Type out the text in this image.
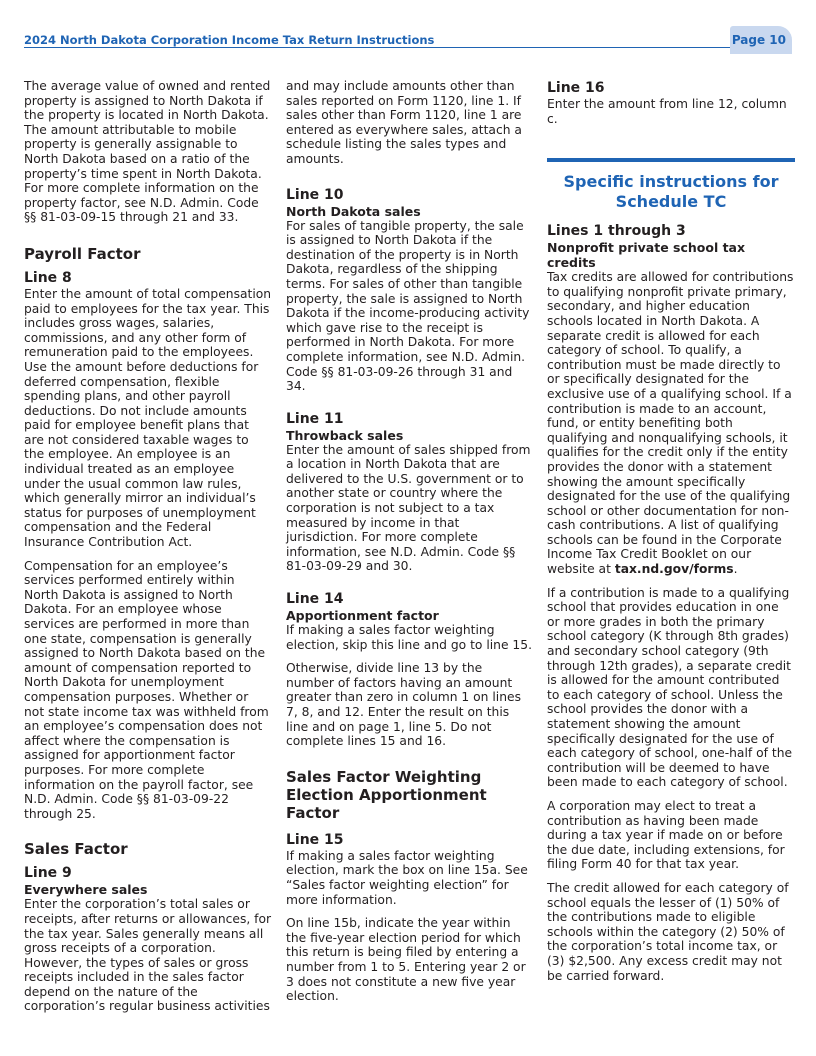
2024 North Dakota Corporation Income Tax Return Instructions	Page 10

The average value of owned and rented property is assigned to North Dakota if the property is located in North Dakota. The amount attributable to mobile property is generally assignable to North Dakota based on a ratio of the property’s time spent in North Dakota. For more complete information on the property factor, see N.D. Admin. Code §§ 81-03-09-15 through 21 and 33.

Payroll Factor
Line 8

Enter the amount of total compensation paid to employees for the tax year. This includes gross wages, salaries, commissions, and any other form of remuneration paid to the employees. Use the amount before deductions for deferred compensation, flexible spending plans, and other payroll deductions. Do not include amounts paid for employee benefit plans that are not considered taxable wages to the employee. An employee is an individual treated as an employee under the usual common law rules, which generally mirror an individual’s status for purposes of unemployment compensation and the Federal Insurance Contribution Act.

Compensation for an employee’s services performed entirely within North Dakota is assigned to North Dakota. For an employee whose services are performed in more than one state, compensation is generally assigned to North Dakota based on the amount of compensation reported to North Dakota for unemployment compensation purposes. Whether or not state income tax was withheld from an employee’s compensation does not affect where the compensation is assigned for apportionment factor purposes. For more complete information on the payroll factor, see N.D. Admin. Code §§ 81-03-09-22 through 25.

Sales Factor
Line 9
Everywhere sales

Enter the corporation’s total sales or receipts, after returns or allowances, for the tax year. Sales generally means all gross receipts of a corporation. However, the types of sales or gross receipts included in the sales factor depend on the nature of the corporation’s regular business activities

and may include amounts other than sales reported on Form 1120, line 1. If sales other than Form 1120, line 1 are entered as everywhere sales, attach a schedule listing the sales types and amounts.

Line 10
North Dakota sales

For sales of tangible property, the sale is assigned to North Dakota if the destination of the property is in North Dakota, regardless of the shipping terms. For sales of other than tangible property, the sale is assigned to North Dakota if the income-producing activity which gave rise to the receipt is performed in North Dakota. For more complete information, see N.D. Admin. Code §§ 81-03-09-26 through 31 and 34.

Line 11
Throwback sales

Enter the amount of sales shipped from a location in North Dakota that are delivered to the U.S. government or to another state or country where the corporation is not subject to a tax measured by income in that jurisdiction. For more complete information, see N.D. Admin. Code §§ 81-03-09-29 and 30.

Line 14
Apportionment factor

If making a sales factor weighting election, skip this line and go to line 15.

Otherwise, divide line 13 by the number of factors having an amount greater than zero in column 1 on lines 7, 8, and 12. Enter the result on this line and on page 1, line 5. Do not complete lines 15 and 16.

Sales Factor Weighting Election Apportionment Factor
Line 15

If making a sales factor weighting election, mark the box on line 15a. See “Sales factor weighting election” for more information.

On line 15b, indicate the year within the five-year election period for which this return is being filed by entering a number from 1 to 5. Entering year 2 or 3 does not constitute a new five year election.

Line 16

Enter the amount from line 12, column c.

Specific instructions for Schedule TC
Lines 1 through 3
Nonprofit private school tax credits

Tax credits are allowed for contributions to qualifying nonprofit private primary, secondary, and higher education schools located in North Dakota. A separate credit is allowed for each category of school. To qualify, a contribution must be made directly to or specifically designated for the exclusive use of a qualifying school. If a contribution is made to an account, fund, or entity benefiting both qualifying and nonqualifying schools, it qualifies for the credit only if the entity provides the donor with a statement showing the amount specifically designated for the use of the qualifying school or other documentation for non-cash contributions. A list of qualifying schools can be found in the Corporate Income Tax Credit Booklet on our website at tax.nd.gov/forms.

If a contribution is made to a qualifying school that provides education in one or more grades in both the primary school category (K through 8th grades) and secondary school category (9th through 12th grades), a separate credit is allowed for the amount contributed to each category of school. Unless the school provides the donor with a statement showing the amount specifically designated for the use of each category of school, one-half of the contribution will be deemed to have been made to each category of school.

A corporation may elect to treat a contribution as having been made during a tax year if made on or before the due date, including extensions, for filing Form 40 for that tax year.

The credit allowed for each category of school equals the lesser of (1) 50% of the contributions made to eligible schools within the category (2) 50% of the corporation’s total income tax, or (3) $2,500. Any excess credit may not be carried forward.
